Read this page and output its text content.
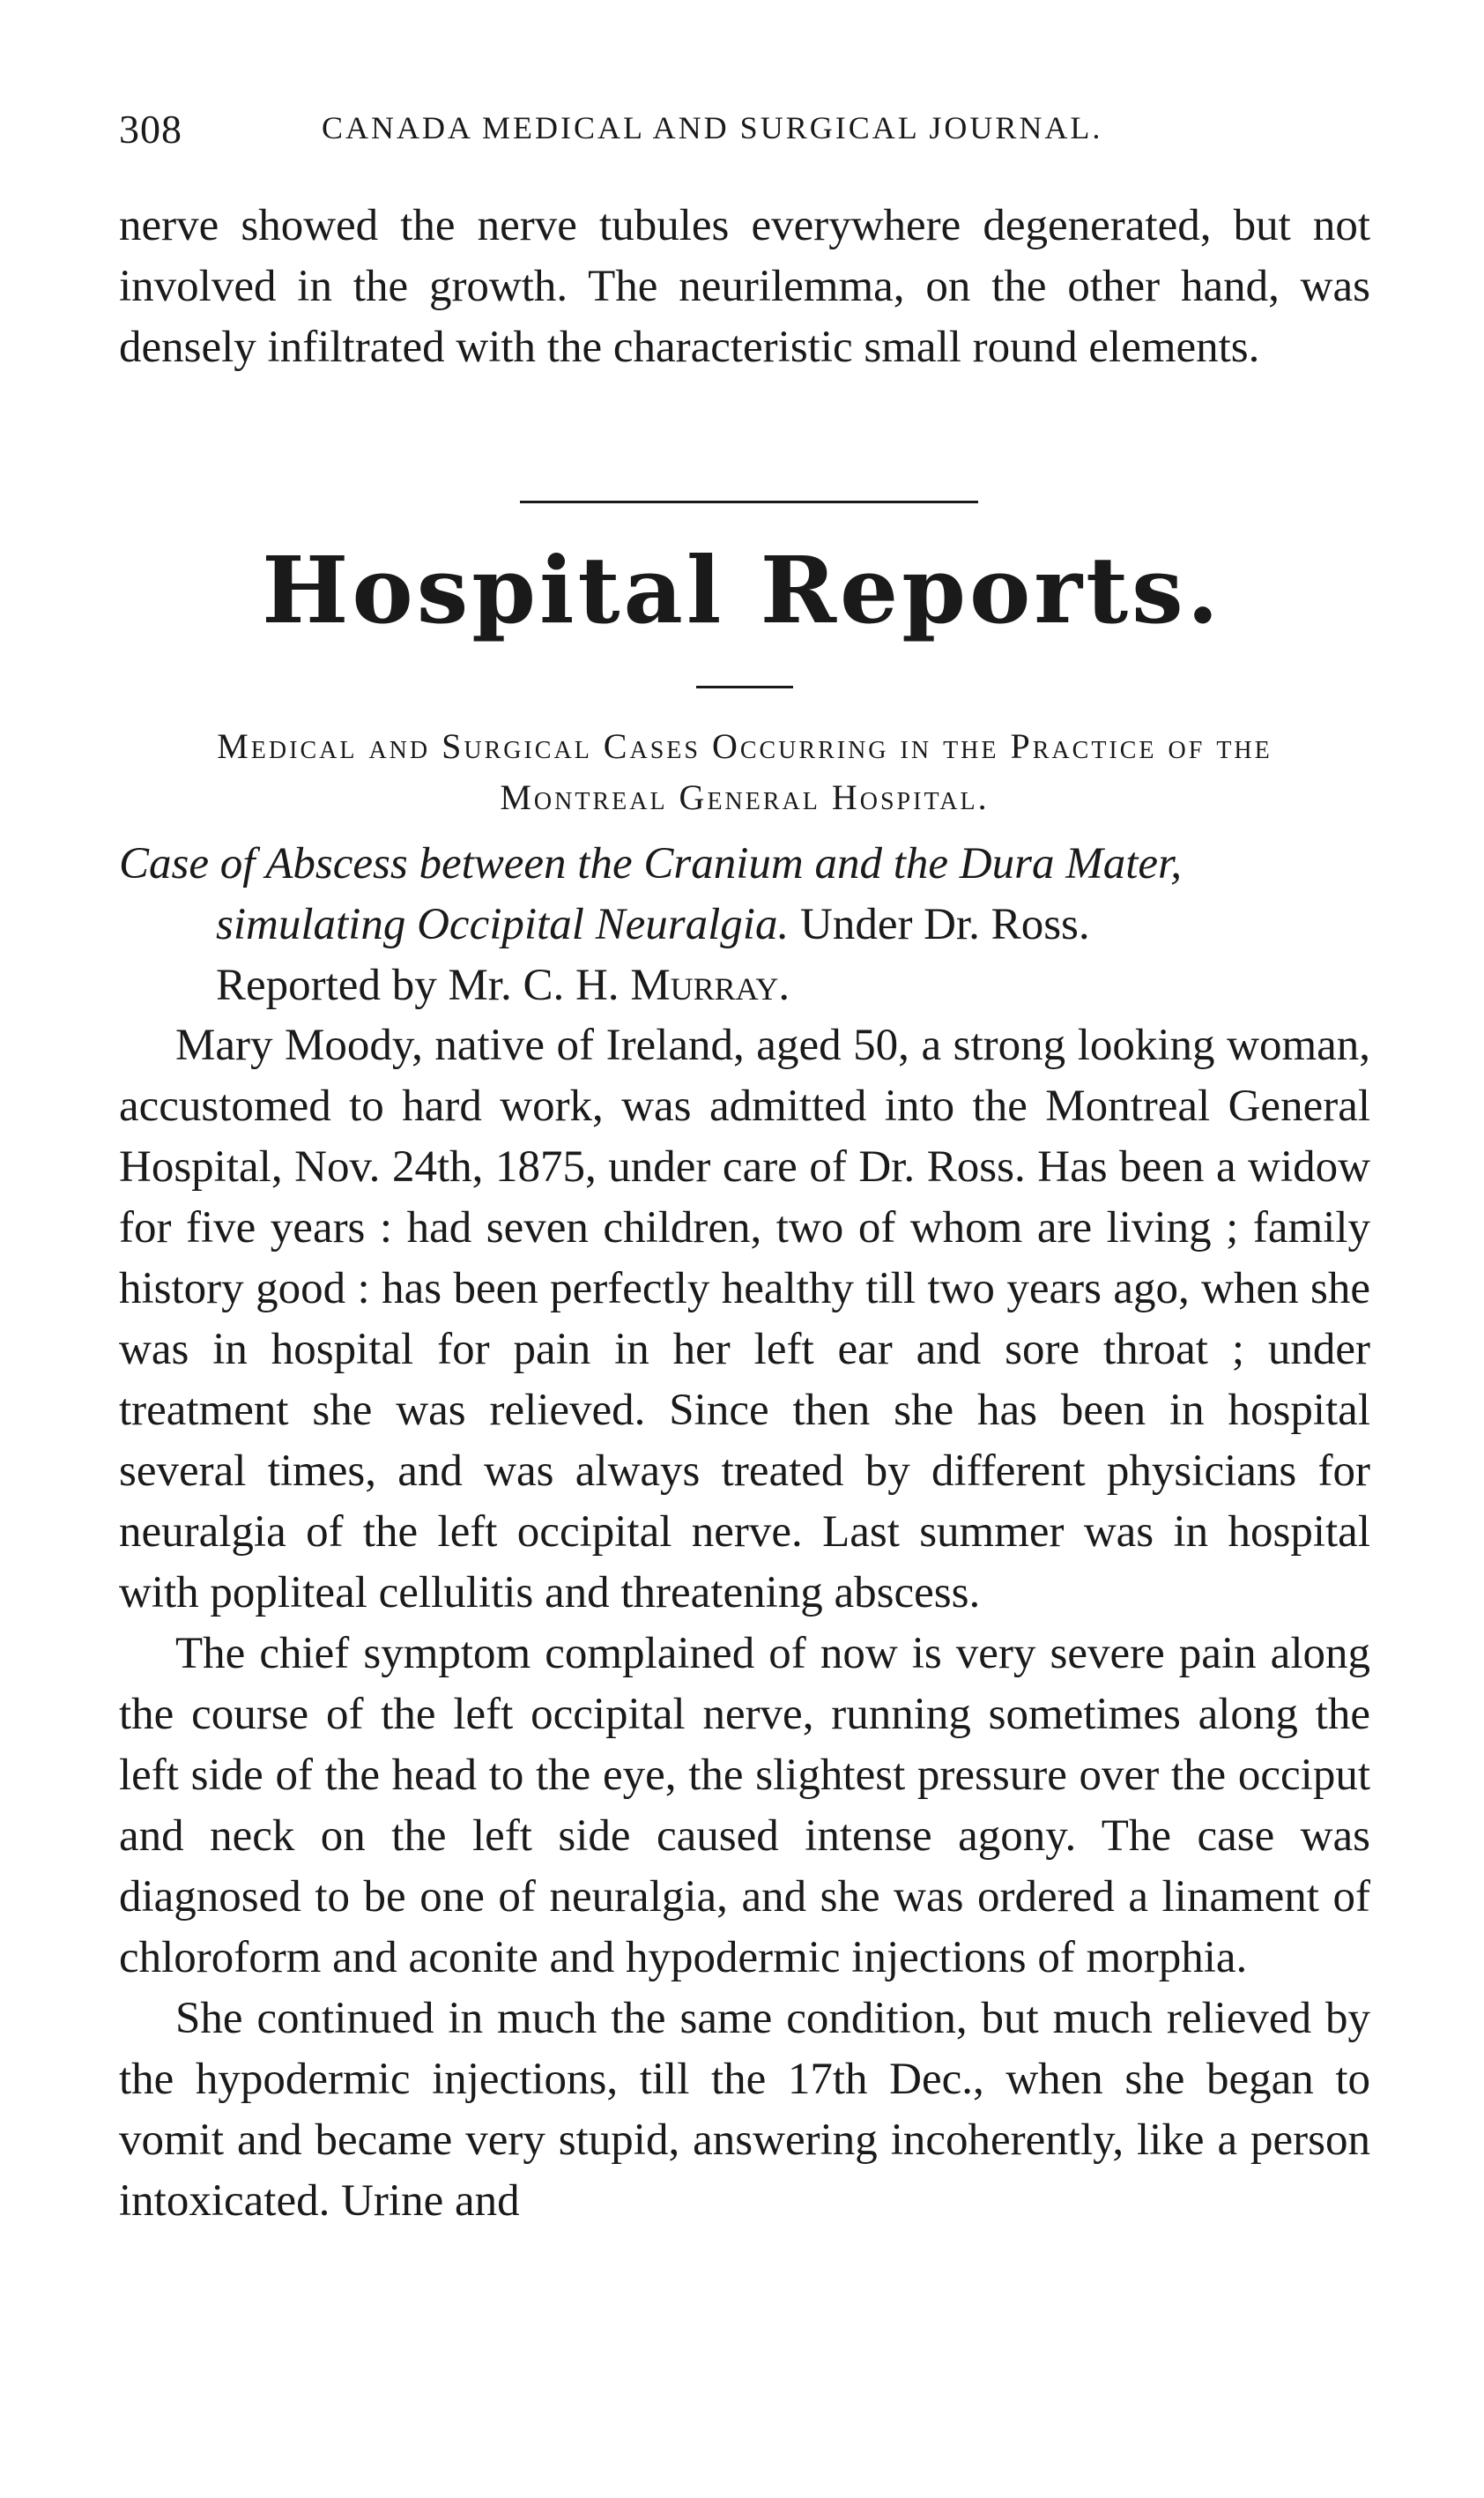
308	CANADA MEDICAL AND SURGICAL JOURNAL.

nerve showed the nerve tubules everywhere degenerated, but not involved in the growth. The neurilemma, on the other hand, was densely infiltrated with the characteristic small round elements.

Hospital Reports.
Medical and Surgical Cases Occurring in the Practice of the
Montreal General Hospital.
Case of Abscess between the Cranium and the Dura Mater,
simulating Occipital Neuralgia. Under Dr. Ross.
Reported by Mr. C. H. Murray.

Mary Moody, native of Ireland, aged 50, a strong looking woman, accustomed to hard work, was admitted into the Montreal General Hospital, Nov. 24th, 1875, under care of Dr. Ross. Has been a widow for five years : had seven children, two of whom are living ; family history good : has been perfectly healthy till two years ago, when she was in hospital for pain in her left ear and sore throat ; under treatment she was relieved. Since then she has been in hospital several times, and was always treated by different physicians for neuralgia of the left occipital nerve. Last summer was in hospital with popliteal cellulitis and threatening abscess.

The chief symptom complained of now is very severe pain along the course of the left occipital nerve, running sometimes along the left side of the head to the eye, the slightest pressure over the occiput and neck on the left side caused intense agony. The case was diagnosed to be one of neuralgia, and she was ordered a linament of chloroform and aconite and hypodermic injections of morphia.

She continued in much the same condition, but much relieved by the hypodermic injections, till the 17th Dec., when she began to vomit and became very stupid, answering incoherently, like a person intoxicated. Urine and
